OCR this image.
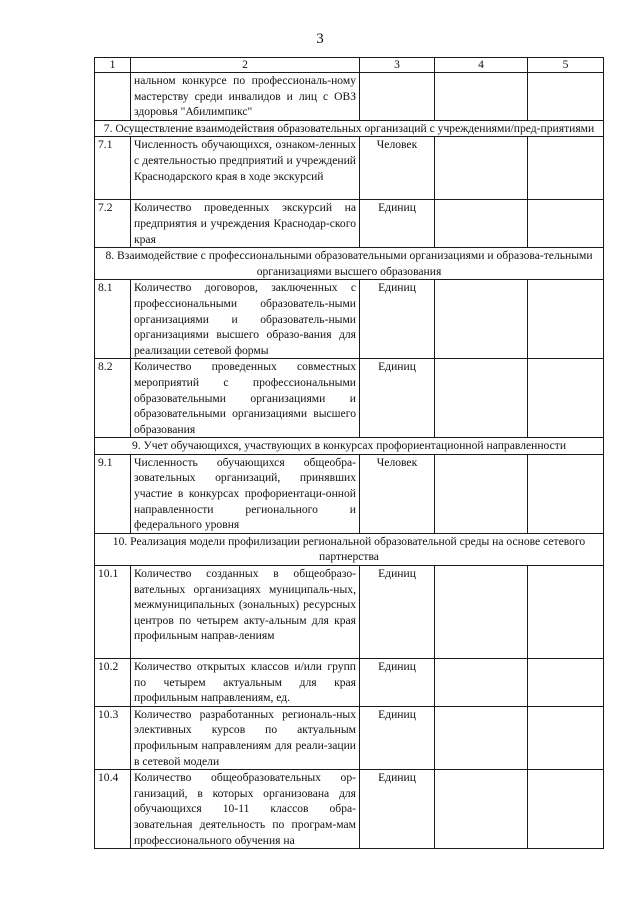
3
1	2	3	4	5
	нальном конкурсе по профессиональ-ному мастерству среди инвалидов и лиц с ОВЗ здоровья "Абилимпикс"			
7. Осуществление взаимодействия образовательных организаций с учреждениями/пред-приятиями				
7.1	Численность обучающихся, ознаком-ленных с деятельностью предприятий и учреждений Краснодарского края в ходе экскурсий	Человек		
7.2	Количество проведенных экскурсий на предприятия и учреждения Краснодар-ского края	Единиц		
8. Взаимодействие с профессиональными образовательными организациями и образова-тельными организациями высшего образования				
8.1	Количество договоров, заключенных с профессиональными образователь-ными организациями и образователь-ными организациями высшего образо-вания для реализации сетевой формы	Единиц		
8.2	Количество проведенных совместных мероприятий с профессиональными образовательными организациями и образовательными организациями высшего образования	Единиц		
9. Учет обучающихся, участвующих в конкурсах профориентационной направленности				
9.1	Численность обучающихся общеобра-зовательных организаций, принявших участие в конкурсах профориентаци-онной направленности регионального и федерального уровня	Человек		
10. Реализация модели профилизации региональной образовательной среды на основе сетевого партнерства				
10.1	Количество созданных в общеобразо-вательных организациях муниципаль-ных, межмуниципальных (зональных) ресурсных центров по четырем акту-альным для края профильным направ-лениям	Единиц		
10.2	Количество открытых классов и/или групп по четырем актуальным для края профильным направлениям, ед.	Единиц		
10.3	Количество разработанных региональ-ных элективных курсов по актуальным профильным направлениям для реали-зации в сетевой модели	Единиц		
10.4	Количество общеобразовательных ор-ганизаций, в которых организована для обучающихся 10-11 классов обра-зовательная деятельность по програм-мам профессионального обучения на	Единиц		
